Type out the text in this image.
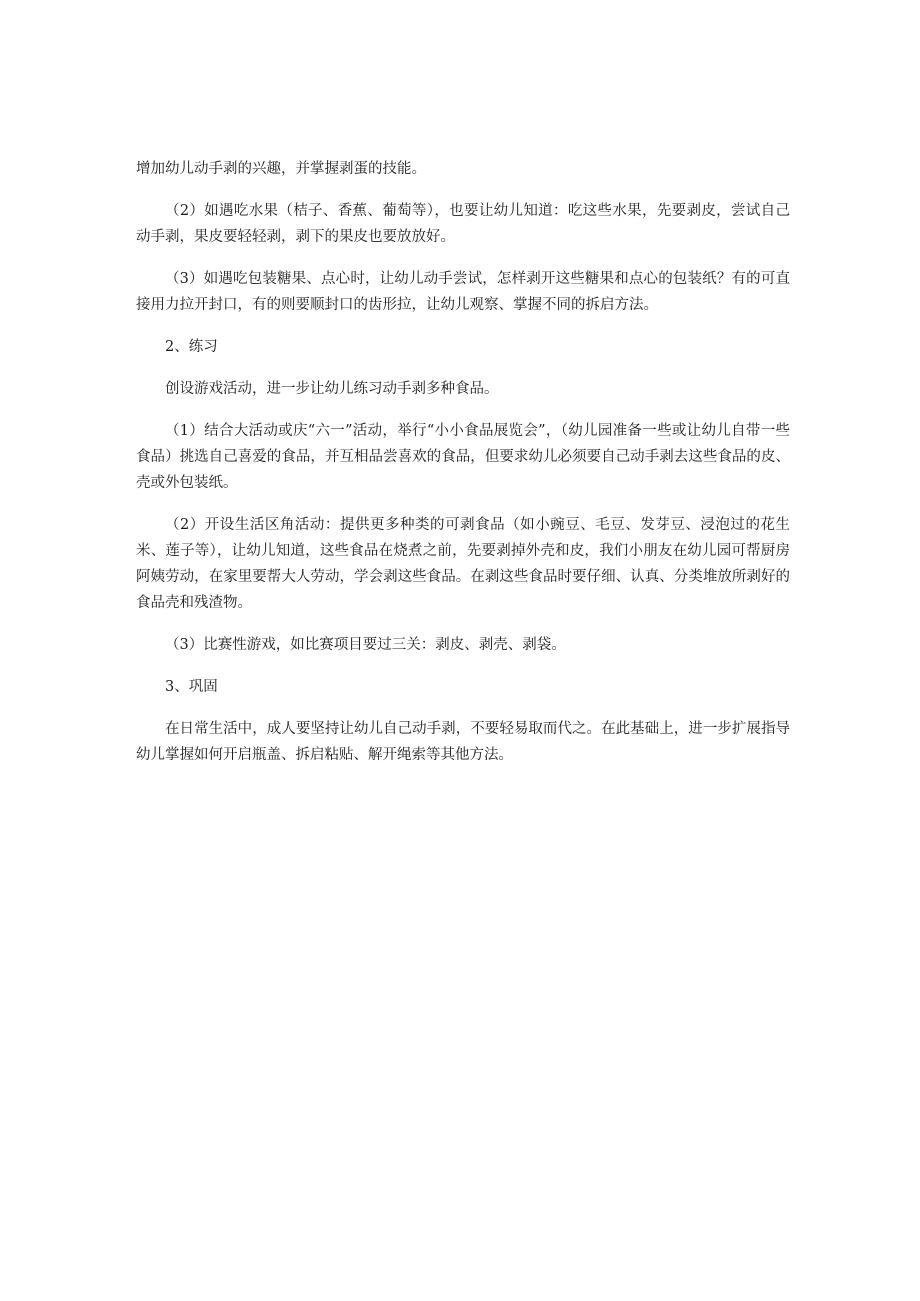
增加幼儿动手剥的兴趣，并掌握剥蛋的技能。

（2）如遇吃水果（桔子、香蕉、葡萄等），也要让幼儿知道：吃这些水果，先要剥皮，尝试自己动手剥，果皮要轻轻剥，剥下的果皮也要放放好。

（3）如遇吃包装糖果、点心时，让幼儿动手尝试，怎样剥开这些糖果和点心的包装纸？有的可直接用力拉开封口，有的则要顺封口的齿形拉，让幼儿观察、掌握不同的拆启方法。

2、练习

创设游戏活动，进一步让幼儿练习动手剥多种食品。

（1）结合大活动或庆“六一”活动，举行“小小食品展览会”，（幼儿园准备一些或让幼儿自带一些食品）挑选自己喜爱的食品，并互相品尝喜欢的食品，但要求幼儿必须要自己动手剥去这些食品的皮、壳或外包装纸。

（2）开设生活区角活动：提供更多种类的可剥食品（如小豌豆、毛豆、发芽豆、浸泡过的花生米、莲子等），让幼儿知道，这些食品在烧煮之前，先要剥掉外壳和皮，我们小朋友在幼儿园可帮厨房阿姨劳动，在家里要帮大人劳动，学会剥这些食品。在剥这些食品时要仔细、认真、分类堆放所剥好的食品壳和残渣物。

（3）比赛性游戏，如比赛项目要过三关：剥皮、剥壳、剥袋。

3、巩固

在日常生活中，成人要坚持让幼儿自己动手剥，不要轻易取而代之。在此基础上，进一步扩展指导幼儿掌握如何开启瓶盖、拆启粘贴、解开绳索等其他方法。
